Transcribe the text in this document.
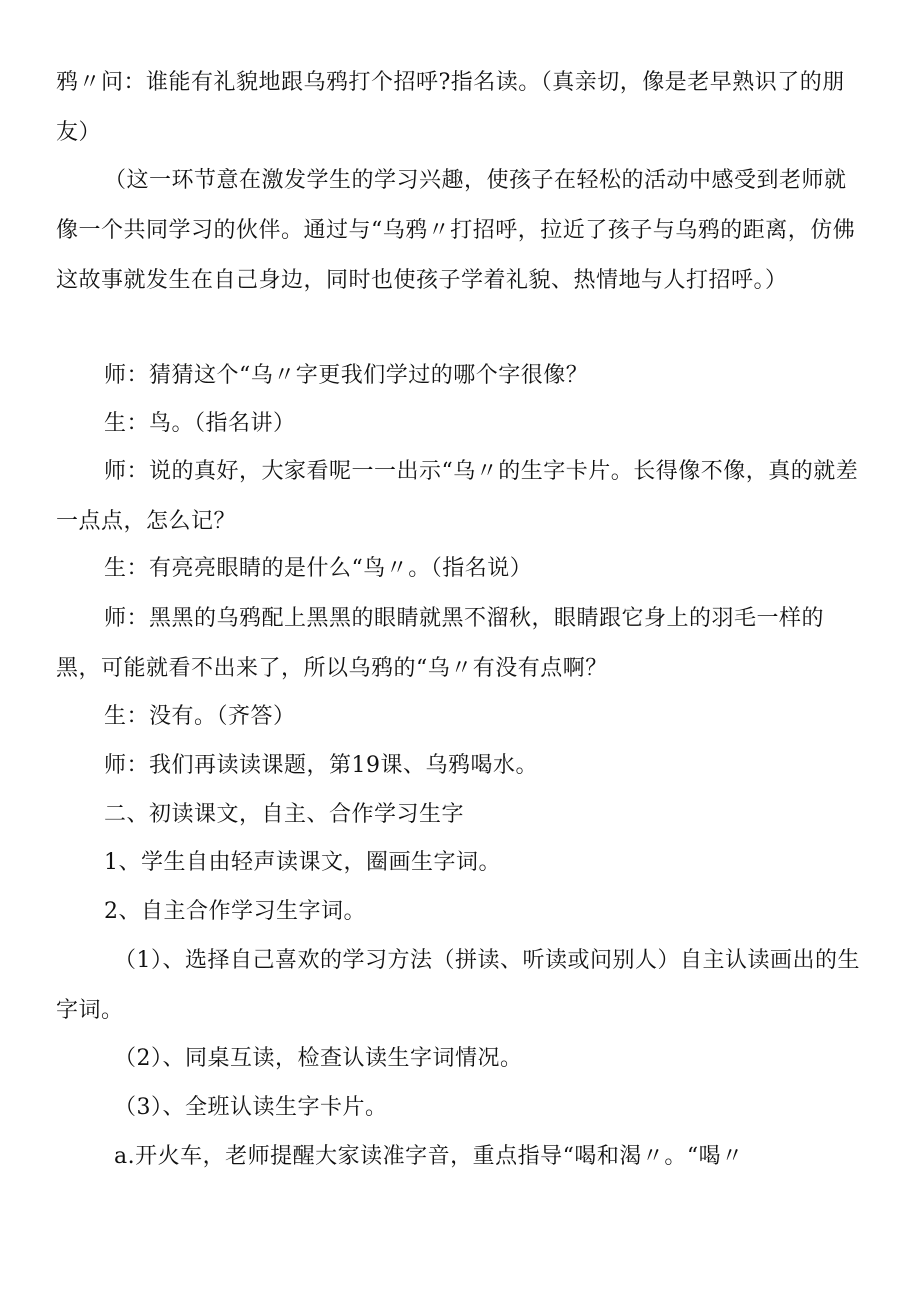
鸦〃问：谁能有礼貌地跟乌鸦打个招呼?指名读。（真亲切，像是老早熟识了的朋友）

（这一环节意在激发学生的学习兴趣，使孩子在轻松的活动中感受到老师就像一个共同学习的伙伴。通过与“乌鸦〃打招呼，拉近了孩子与乌鸦的距离，仿佛这故事就发生在自己身边，同时也使孩子学着礼貌、热情地与人打招呼。）

师：猜猜这个“乌〃字更我们学过的哪个字很像？

生：鸟。（指名讲）

师：说的真好，大家看呢一一出示“乌〃的生字卡片。长得像不像，真的就差一点点，怎么记？

生：有亮亮眼睛的是什么“鸟〃。（指名说）

师：黑黑的乌鸦配上黑黑的眼睛就黑不溜秋，眼睛跟它身上的羽毛一样的黑，可能就看不出来了，所以乌鸦的“乌〃有没有点啊？

生：没有。（齐答）

师：我们再读读课题，第19课、乌鸦喝水。

二、初读课文，自主、合作学习生字

1、学生自由轻声读课文，圈画生字词。

2、自主合作学习生字词。

（1）、选择自己喜欢的学习方法（拼读、听读或问别人）自主认读画出的生字词。

（2）、同桌互读，检查认读生字词情况。

（3）、全班认读生字卡片。

a.开火车，老师提醒大家读准字音，重点指导“喝和渴〃。“喝〃
